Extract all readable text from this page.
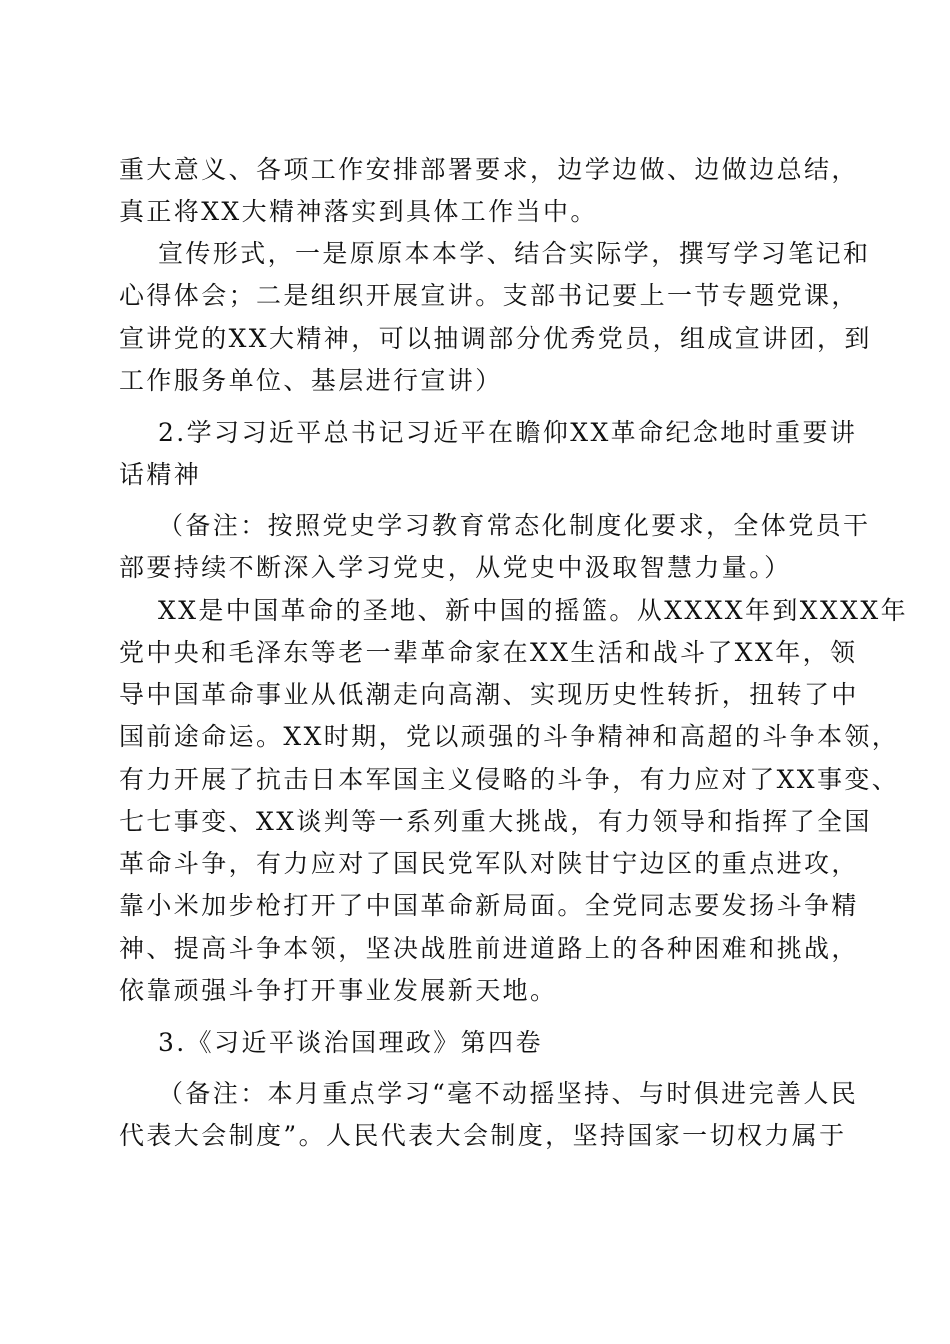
重大意义、各项工作安排部署要求，边学边做、边做边总结，
真正将XX大精神落实到具体工作当中。
宣传形式，一是原原本本学、结合实际学，撰写学习笔记和
心得体会；二是组织开展宣讲。支部书记要上一节专题党课，
宣讲党的XX大精神，可以抽调部分优秀党员，组成宣讲团，到
工作服务单位、基层进行宣讲）
2.学习习近平总书记习近平在瞻仰XX革命纪念地时重要讲
话精神
（备注：按照党史学习教育常态化制度化要求，全体党员干
部要持续不断深入学习党史，从党史中汲取智慧力量。）
XX是中国革命的圣地、新中国的摇篮。从XXXX年到XXXX年
党中央和毛泽东等老一辈革命家在XX生活和战斗了XX年，领
导中国革命事业从低潮走向高潮、实现历史性转折，扭转了中
国前途命运。XX时期，党以顽强的斗争精神和高超的斗争本领，
有力开展了抗击日本军国主义侵略的斗争，有力应对了XX事变、
七七事变、XX谈判等一系列重大挑战，有力领导和指挥了全国
革命斗争，有力应对了国民党军队对陕甘宁边区的重点进攻，
靠小米加步枪打开了中国革命新局面。全党同志要发扬斗争精
神、提高斗争本领，坚决战胜前进道路上的各种困难和挑战，
依靠顽强斗争打开事业发展新天地。
3.《习近平谈治国理政》第四卷
（备注：本月重点学习“毫不动摇坚持、与时俱进完善人民
代表大会制度”。人民代表大会制度，坚持国家一切权力属于
